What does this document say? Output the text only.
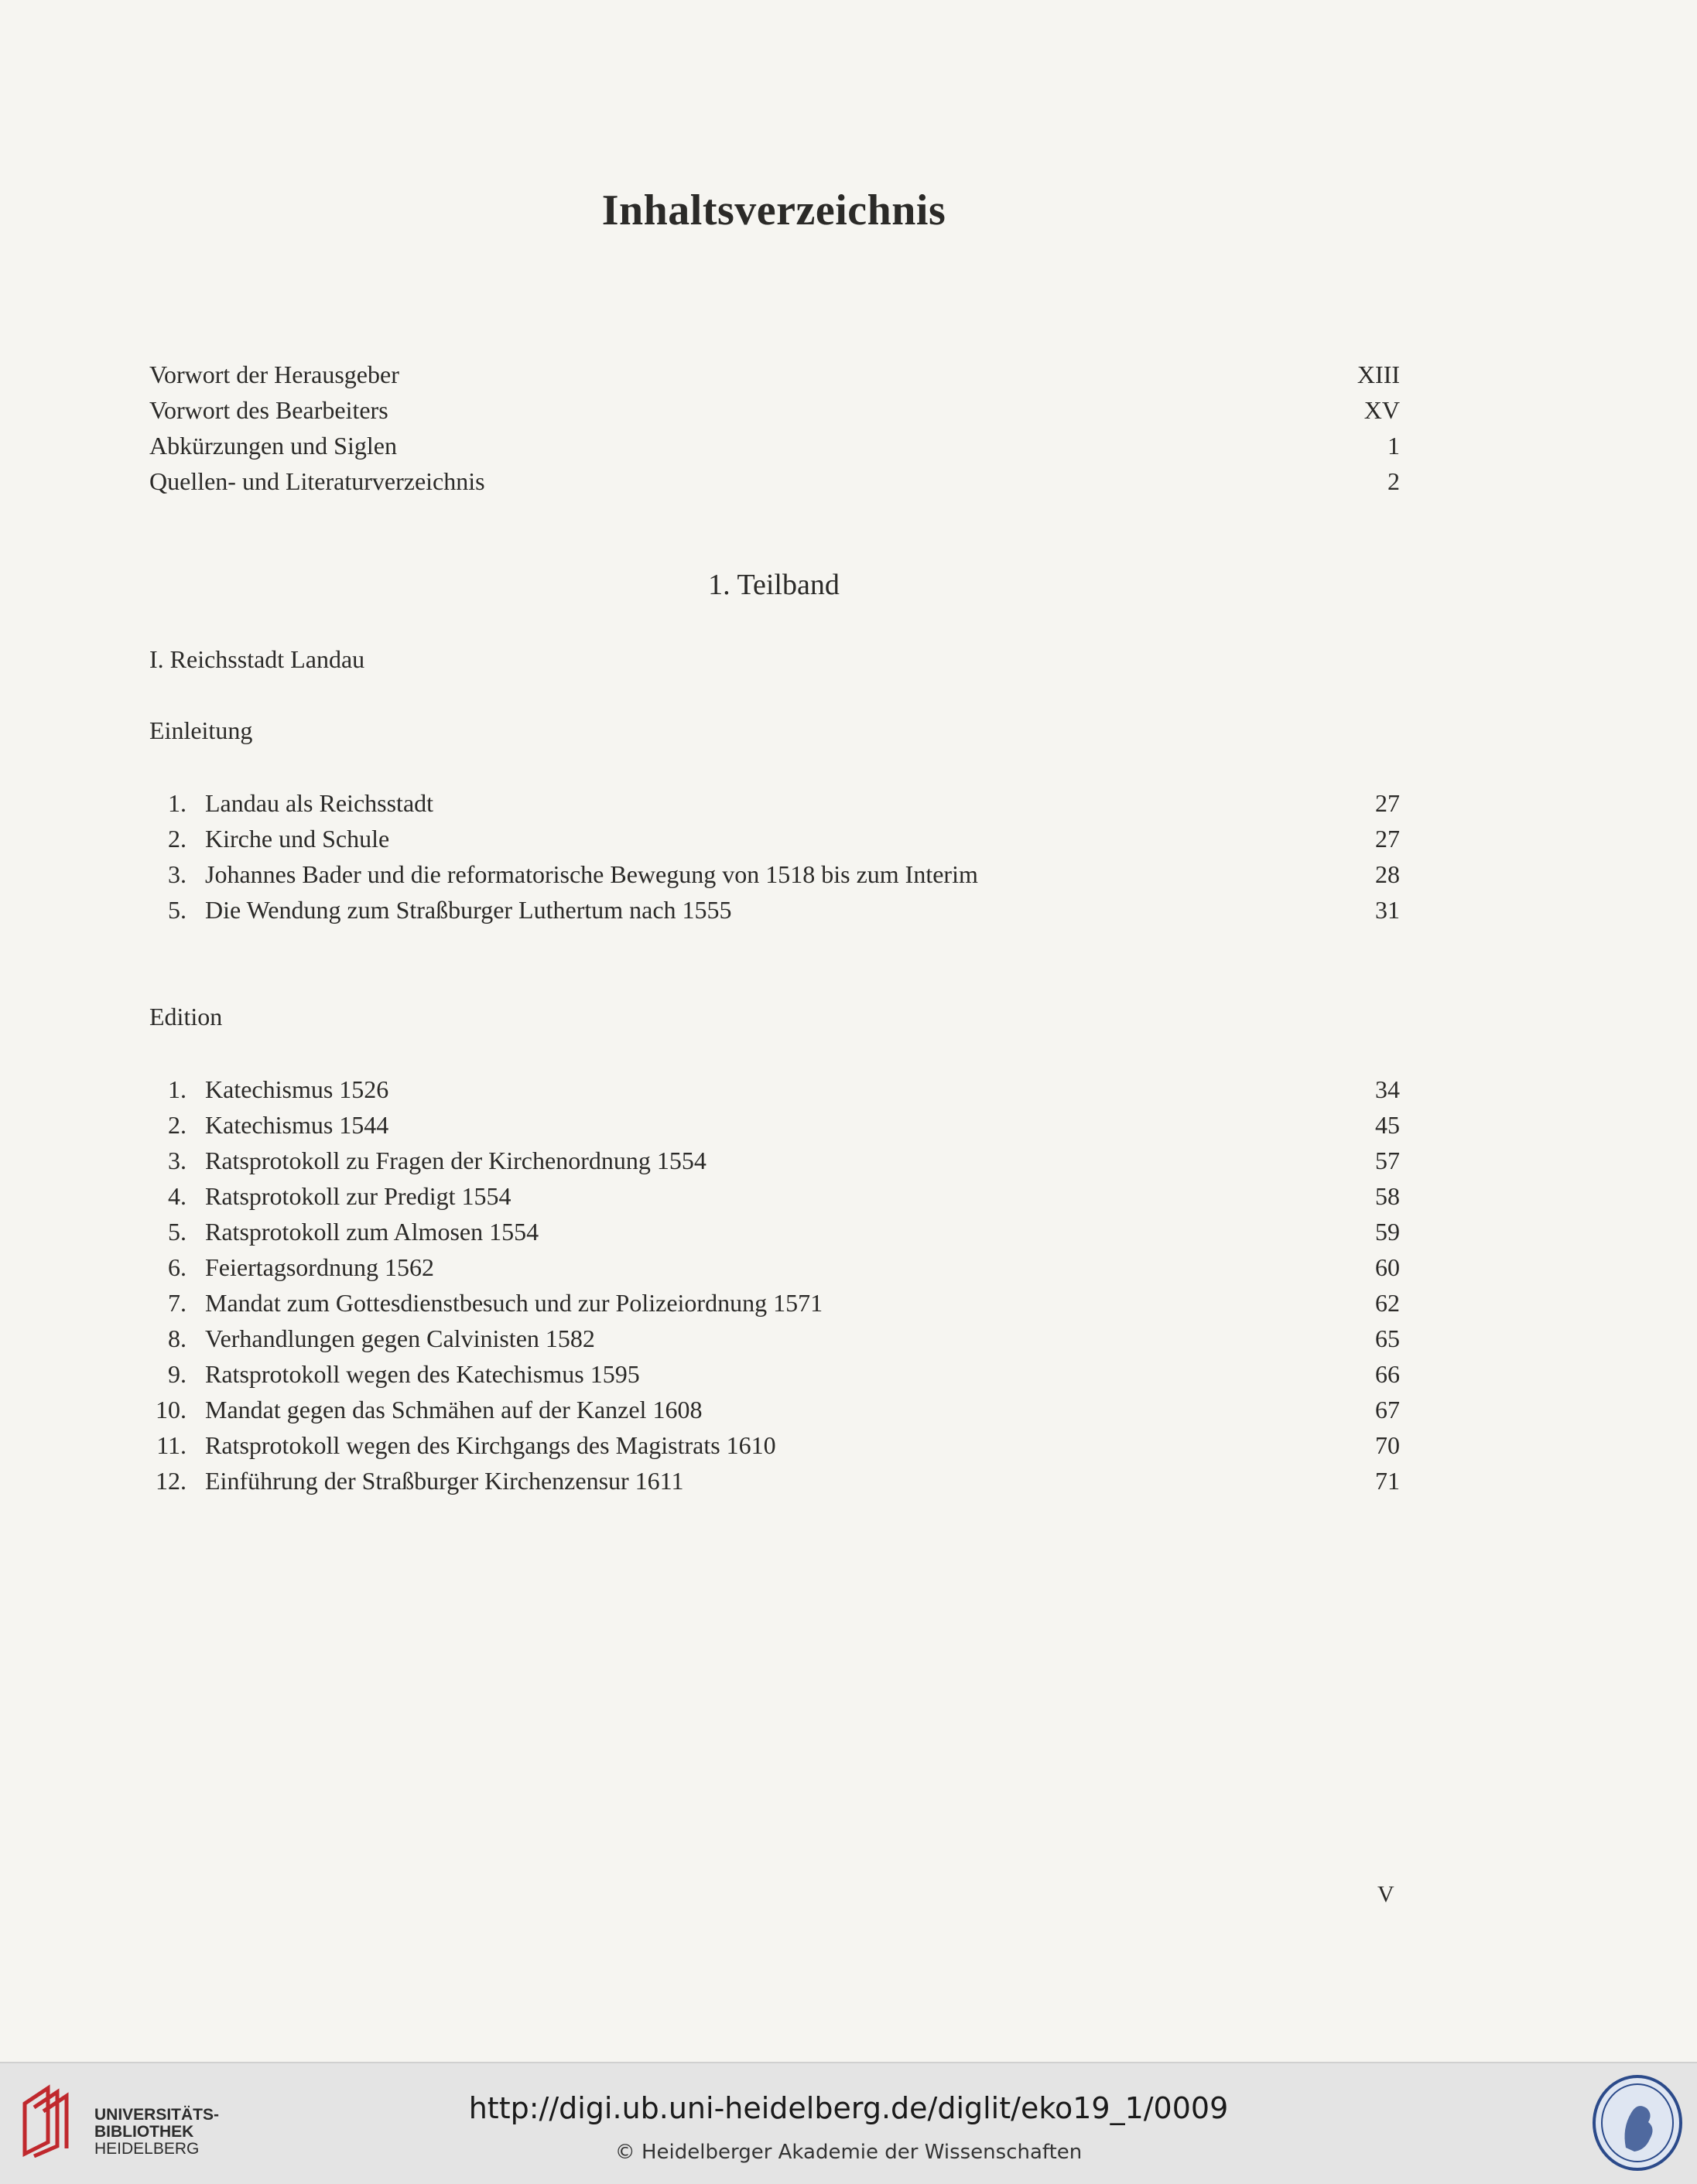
Inhaltsverzeichnis
Vorwort der Herausgeber	XIII
Vorwort des Bearbeiters	XV
Abkürzungen und Siglen	1
Quellen- und Literaturverzeichnis	2
1. Teilband
I. Reichsstadt Landau
Einleitung
1. Landau als Reichsstadt	27
2. Kirche und Schule	27
3. Johannes Bader und die reformatorische Bewegung von 1518 bis zum Interim	28
5. Die Wendung zum Straßburger Luthertum nach 1555	31
Edition
1. Katechismus 1526	34
2. Katechismus 1544	45
3. Ratsprotokoll zu Fragen der Kirchenordnung 1554	57
4. Ratsprotokoll zur Predigt 1554	58
5. Ratsprotokoll zum Almosen 1554	59
6. Feiertagsordnung 1562	60
7. Mandat zum Gottesdienstbesuch und zur Polizeiordnung 1571	62
8. Verhandlungen gegen Calvinisten 1582	65
9. Ratsprotokoll wegen des Katechismus 1595	66
10. Mandat gegen das Schmähen auf der Kanzel 1608	67
11. Ratsprotokoll wegen des Kirchgangs des Magistrats 1610	70
12. Einführung der Straßburger Kirchenzensur 1611	71
V
UNIVERSITÄTS-
BIBLIOTHEK
HEIDELBERG
http://digi.ub.uni-heidelberg.de/diglit/eko19_1/0009
© Heidelberger Akademie der Wissenschaften
